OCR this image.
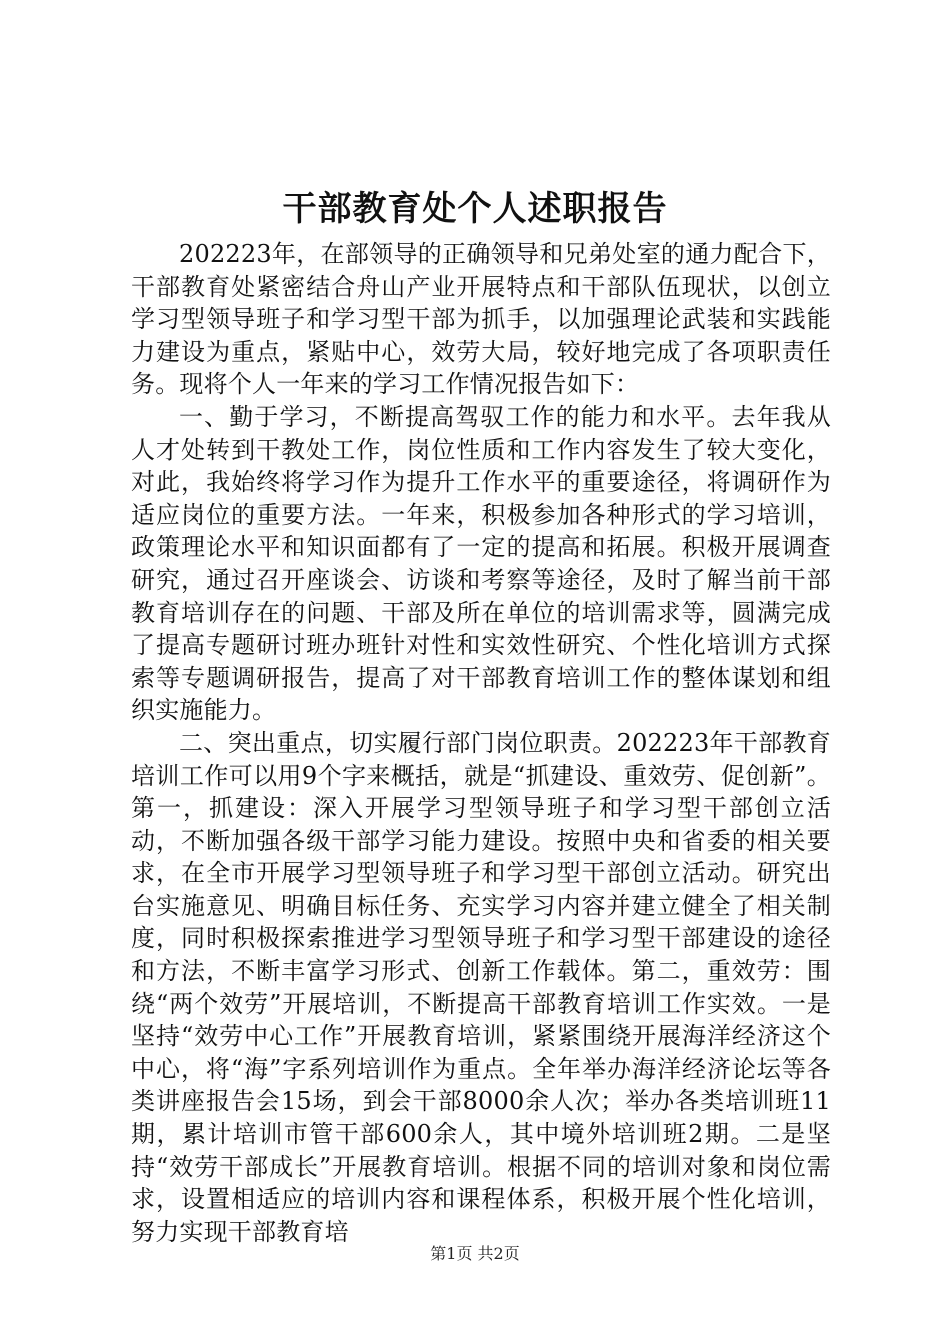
干部教育处个人述职报告

202223年，在部领导的正确领导和兄弟处室的通力配合下，干部教育处紧密结合舟山产业开展特点和干部队伍现状，以创立学习型领导班子和学习型干部为抓手，以加强理论武装和实践能力建设为重点，紧贴中心，效劳大局，较好地完成了各项职责任务。现将个人一年来的学习工作情况报告如下：

一、勤于学习，不断提高驾驭工作的能力和水平。去年我从人才处转到干教处工作，岗位性质和工作内容发生了较大变化，对此，我始终将学习作为提升工作水平的重要途径，将调研作为适应岗位的重要方法。一年来，积极参加各种形式的学习培训，政策理论水平和知识面都有了一定的提高和拓展。积极开展调查研究，通过召开座谈会、访谈和考察等途径，及时了解当前干部教育培训存在的问题、干部及所在单位的培训需求等，圆满完成了提高专题研讨班办班针对性和实效性研究、个性化培训方式探索等专题调研报告，提高了对干部教育培训工作的整体谋划和组织实施能力。

二、突出重点，切实履行部门岗位职责。202223年干部教育培训工作可以用9个字来概括，就是“抓建设、重效劳、促创新”。第一，抓建设：深入开展学习型领导班子和学习型干部创立活动，不断加强各级干部学习能力建设。按照中央和省委的相关要求，在全市开展学习型领导班子和学习型干部创立活动。研究出台实施意见、明确目标任务、充实学习内容并建立健全了相关制度，同时积极探索推进学习型领导班子和学习型干部建设的途径和方法，不断丰富学习形式、创新工作载体。第二，重效劳：围绕“两个效劳”开展培训，不断提高干部教育培训工作实效。一是坚持“效劳中心工作”开展教育培训，紧紧围绕开展海洋经济这个中心，将“海”字系列培训作为重点。全年举办海洋经济论坛等各类讲座报告会15场，到会干部8000余人次；举办各类培训班11期，累计培训市管干部600余人，其中境外培训班2期。二是坚持“效劳干部成长”开展教育培训。根据不同的培训对象和岗位需求，设置相适应的培训内容和课程体系，积极开展个性化培训，努力实现干部教育培

第1页 共2页
